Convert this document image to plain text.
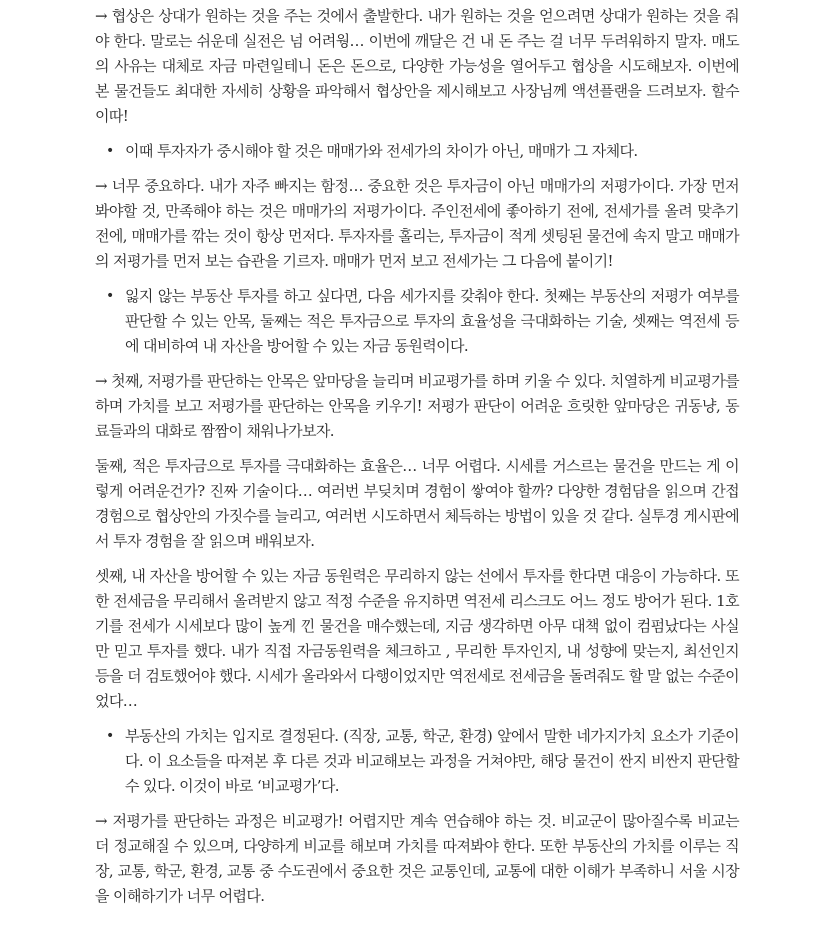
→ 협상은 상대가 원하는 것을 주는 것에서 출발한다. 내가 원하는 것을 얻으려면 상대가 원하는 것을 줘야 한다. 말로는 쉬운데 실전은 넘 어려웡… 이번에 깨달은 건 내 돈 주는 걸 너무 두려워하지 말자. 매도의 사유는 대체로 자금 마련일테니 돈은 돈으로, 다양한 가능성을 열어두고 협상을 시도해보자. 이번에 본 물건들도 최대한 자세히 상황을 파악해서 협상안을 제시해보고 사장님께 액션플랜을 드려보자. 할수이따!

• 이때 투자자가 중시해야 할 것은 매매가와 전세가의 차이가 아닌, 매매가 그 자체다.

→ 너무 중요하다. 내가 자주 빠지는 함정… 중요한 것은 투자금이 아닌 매매가의 저평가이다. 가장 먼저 봐야할 것, 만족해야 하는 것은 매매가의 저평가이다. 주인전세에 좋아하기 전에, 전세가를 올려 맞추기 전에, 매매가를 깎는 것이 항상 먼저다. 투자자를 홀리는, 투자금이 적게 셋팅된 물건에 속지 말고 매매가의 저평가를 먼저 보는 습관을 기르자. 매매가 먼저 보고 전세가는 그 다음에 붙이기!

• 잃지 않는 부동산 투자를 하고 싶다면, 다음 세가지를 갖춰야 한다. 첫째는 부동산의 저평가 여부를 판단할 수 있는 안목, 둘째는 적은 투자금으로 투자의 효율성을 극대화하는 기술, 셋째는 역전세 등에 대비하여 내 자산을 방어할 수 있는 자금 동원력이다.

→ 첫째, 저평가를 판단하는 안목은 앞마당을 늘리며 비교평가를 하며 키울 수 있다. 치열하게 비교평가를 하며 가치를 보고 저평가를 판단하는 안목을 키우기! 저평가 판단이 어려운 흐릿한 앞마당은 귀동냥, 동료들과의 대화로 짬짬이 채워나가보자.

둘째, 적은 투자금으로 투자를 극대화하는 효율은… 너무 어렵다. 시세를 거스르는 물건을 만드는 게 이렇게 어려운건가? 진짜 기술이다… 여러번 부딪치며 경험이 쌓여야 할까? 다양한 경험담을 읽으며 간접경험으로 협상안의 가짓수를 늘리고, 여러번 시도하면서 체득하는 방법이 있을 것 같다. 실투경 게시판에서 투자 경험을 잘 읽으며 배워보자.

셋째, 내 자산을 방어할 수 있는 자금 동원력은 무리하지 않는 선에서 투자를 한다면 대응이 가능하다. 또한 전세금을 무리해서 올려받지 않고 적정 수준을 유지하면 역전세 리스크도 어느 정도 방어가 된다. 1호기를 전세가 시세보다 많이 높게 낀 물건을 매수했는데, 지금 생각하면 아무 대책 없이 컴펌났다는 사실만 믿고 투자를 했다. 내가 직접 자금동원력을 체크하고 , 무리한 투자인지, 내 성향에 맞는지, 최선인지 등을 더 검토했어야 했다. 시세가 올라와서 다행이었지만 역전세로 전세금을 돌려줘도 할 말 없는 수준이었다…

• 부동산의 가치는 입지로 결정된다. (직장, 교통, 학군, 환경) 앞에서 말한 네가지가치 요소가 기준이다. 이 요소들을 따져본 후 다른 것과 비교해보는 과정을 거쳐야만, 해당 물건이 싼지 비싼지 판단할 수 있다. 이것이 바로 ‘비교평가’다.

→ 저평가를 판단하는 과정은 비교평가! 어렵지만 계속 연습해야 하는 것. 비교군이 많아질수록 비교는 더 정교해질 수 있으며, 다양하게 비교를 해보며 가치를 따져봐야 한다. 또한 부동산의 가치를 이루는 직장, 교통, 학군, 환경, 교통 중 수도권에서 중요한 것은 교통인데, 교통에 대한 이해가 부족하니 서울 시장을 이해하기가 너무 어렵다.
